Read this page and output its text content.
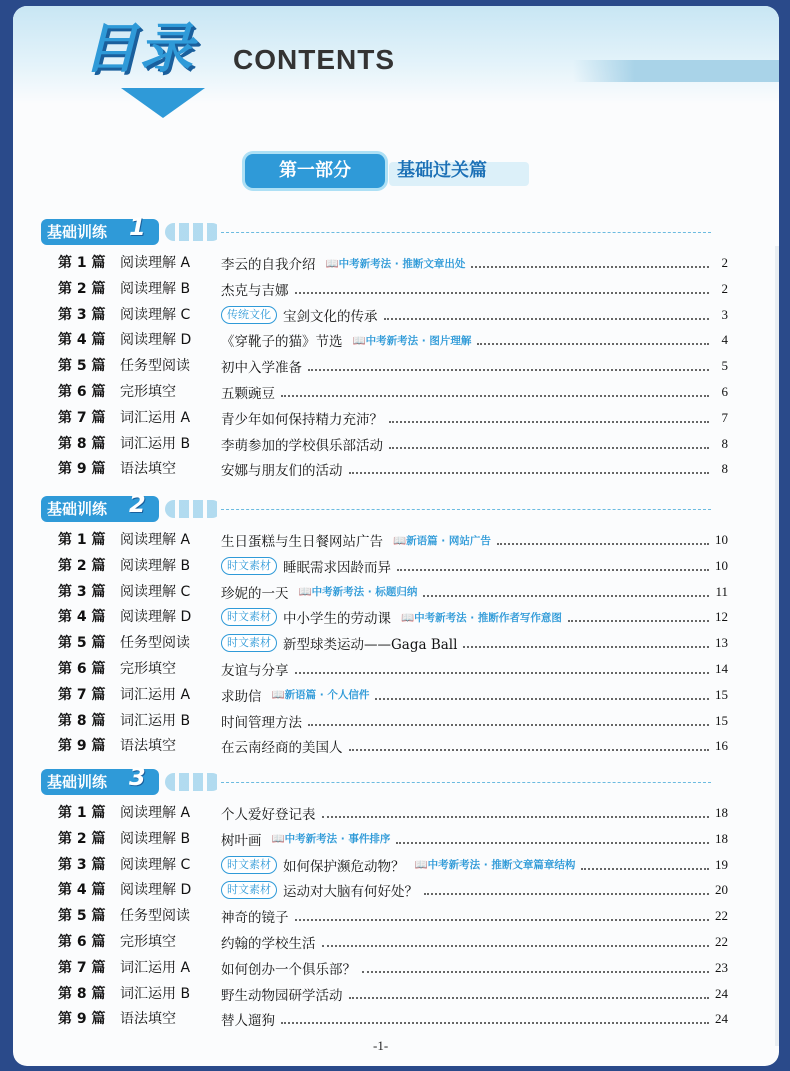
目录 CONTENTS
第一部分	基础过关篇
基础训练 1
第 1 篇 阅读理解 A 李云的自我介绍 📖中考新考法 · 推断文章出处	2
第 2 篇 阅读理解 B 杰克与吉娜	2
第 3 篇 阅读理解 C	传统文化 宝剑文化的传承	3
第 4 篇 阅读理解 D 《穿靴子的猫》节选 📖中考新考法 · 图片理解	4
第 5 篇 任务型阅读 初中入学准备	5
第 6 篇 完形填空	五颗豌豆	6
第 7 篇 词汇运用 A 青少年如何保持精力充沛？	7
第 8 篇 词汇运用 B 李萌参加的学校俱乐部活动	8
第 9 篇 语法填空	安娜与朋友们的活动	8
基础训练 2
第 1 篇 阅读理解 A 生日蛋糕与生日餐网站广告 📖新语篇 · 网站广告	10
第 2 篇 阅读理解 B	时文素材 睡眠需求因龄而异	10
第 3 篇 阅读理解 C 珍妮的一天 📖中考新考法 · 标题归纳	11
第 4 篇 阅读理解 D	时文素材 中小学生的劳动课 📖中考新考法 · 推断作者写作意图	12
第 5 篇 任务型阅读	时文素材 新型球类运动——Gaga Ball	13
第 6 篇 完形填空	友谊与分享	14
第 7 篇 词汇运用 A 求助信 📖新语篇 · 个人信件	15
第 8 篇 词汇运用 B 时间管理方法	15
第 9 篇 语法填空	在云南经商的美国人	16
基础训练 3
第 1 篇 阅读理解 A 个人爱好登记表	18
第 2 篇 阅读理解 B 树叶画 📖中考新考法 · 事件排序	18
第 3 篇 阅读理解 C	时文素材 如何保护濒危动物？ 📖中考新考法 · 推断文章篇章结构	19
第 4 篇 阅读理解 D	时文素材 运动对大脑有何好处？	20
第 5 篇 任务型阅读 神奇的镜子	22
第 6 篇 完形填空	约翰的学校生活	22
第 7 篇 词汇运用 A 如何创办一个俱乐部？	23
第 8 篇 词汇运用 B 野生动物园研学活动	24
第 9 篇 语法填空	替人遛狗	24
-1-
